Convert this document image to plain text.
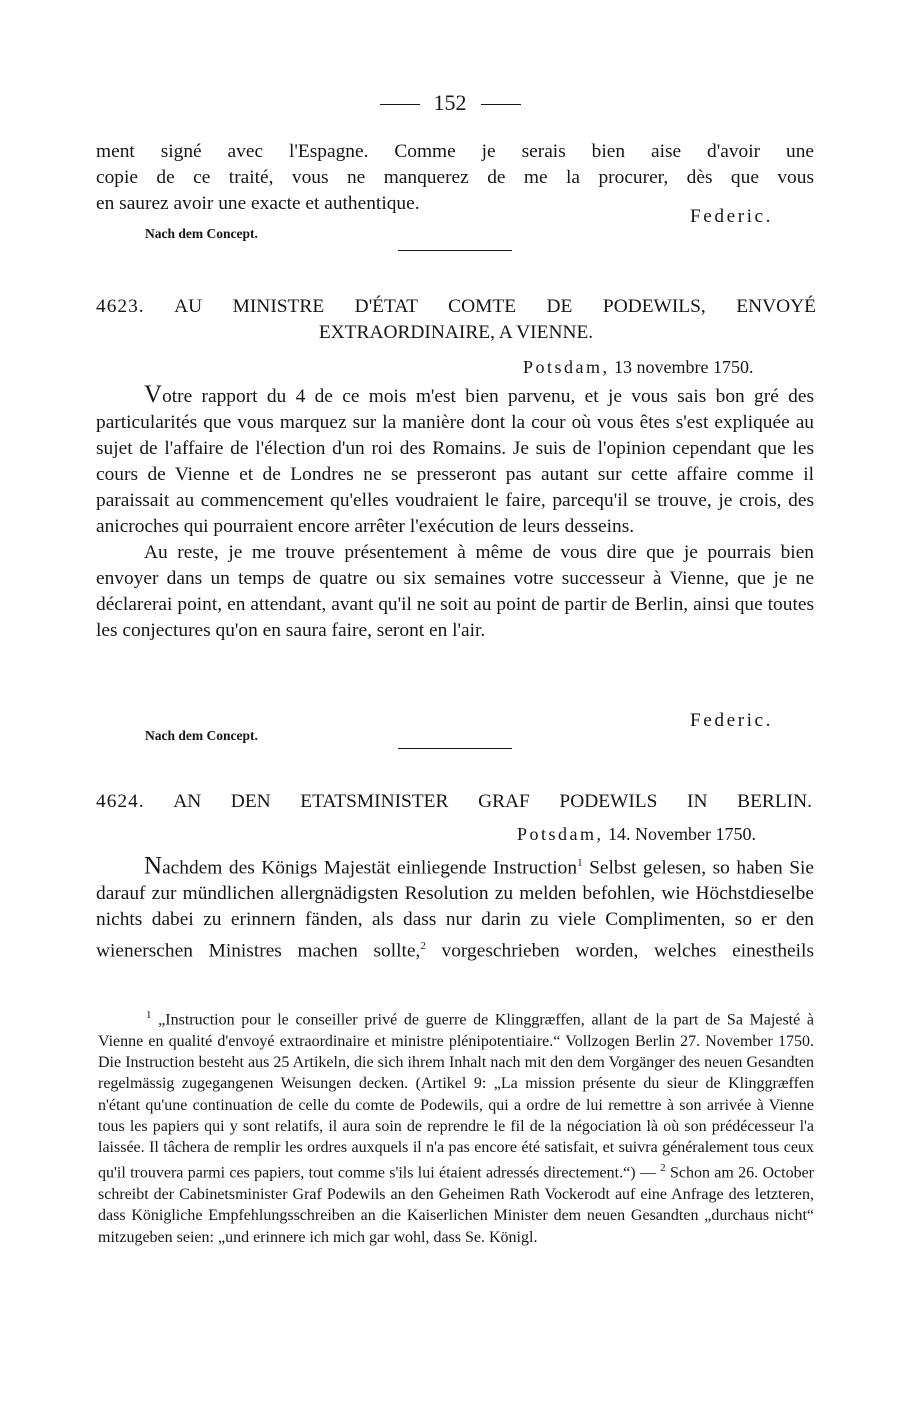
152
ment signé avec l'Espagne. Comme je serais bien aise d'avoir une
copie de ce traité, vous ne manquerez de me la procurer, dès que vous
en saurez avoir une exacte et authentique.
Federic.
Nach dem Concept.
4623. AU MINISTRE D'ÉTAT COMTE DE PODEWILS, ENVOYÉ
EXTRAORDINAIRE, A VIENNE.
Potsdam, 13 novembre 1750.

Votre rapport du 4 de ce mois m'est bien parvenu, et je vous sais bon gré des particularités que vous marquez sur la manière dont la cour où vous êtes s'est expliquée au sujet de l'affaire de l'élection d'un roi des Romains. Je suis de l'opinion cependant que les cours de Vienne et de Londres ne se presseront pas autant sur cette affaire comme il paraissait au commencement qu'elles voudraient le faire, parcequ'il se trouve, je crois, des anicroches qui pourraient encore arrêter l'exécution de leurs desseins.

Au reste, je me trouve présentement à même de vous dire que je pourrais bien envoyer dans un temps de quatre ou six semaines votre successeur à Vienne, que je ne déclarerai point, en attendant, avant qu'il ne soit au point de partir de Berlin, ainsi que toutes les conjectures qu'on en saura faire, seront en l'air.

Federic.
Nach dem Concept.
4624. AN DEN ETATSMINISTER GRAF PODEWILS IN BERLIN.
Potsdam, 14. November 1750.

Nachdem des Königs Majestät einliegende Instruction$^1$ Selbst gelesen, so haben Sie darauf zur mündlichen allergnädigsten Resolution zu melden befohlen, wie Höchstdieselbe nichts dabei zu erinnern fänden, als dass nur darin zu viele Complimenten, so er den wienerschen Ministres machen sollte,$^2$ vorgeschrieben worden, welches einestheils

$^1$ „Instruction pour le conseiller privé de guerre de Klinggræffen, allant de la part de Sa Majesté à Vienne en qualité d'envoyé extraordinaire et ministre plénipotentiaire.“ Vollzogen Berlin 27. November 1750. Die Instruction besteht aus 25 Artikeln, die sich ihrem Inhalt nach mit den dem Vorgänger des neuen Gesandten regelmässig zugegangenen Weisungen decken. (Artikel 9: „La mission présente du sieur de Klinggræffen n'étant qu'une continuation de celle du comte de Podewils, qui a ordre de lui remettre à son arrivée à Vienne tous les papiers qui y sont relatifs, il aura soin de reprendre le fil de la négociation là où son prédécesseur l'a laissée. Il tâchera de remplir les ordres auxquels il n'a pas encore été satisfait, et suivra généralement tous ceux qu'il trouvera parmi ces papiers, tout comme s'ils lui étaient adressés directement.“) — $^2$ Schon am 26. October schreibt der Cabinetsminister Graf Podewils an den Geheimen Rath Vockerodt auf eine Anfrage des letzteren, dass Königliche Empfehlungsschreiben an die Kaiserlichen Minister dem neuen Gesandten „durchaus nicht“ mitzugeben seien: „und erinnere ich mich gar wohl, dass Se. Königl.
